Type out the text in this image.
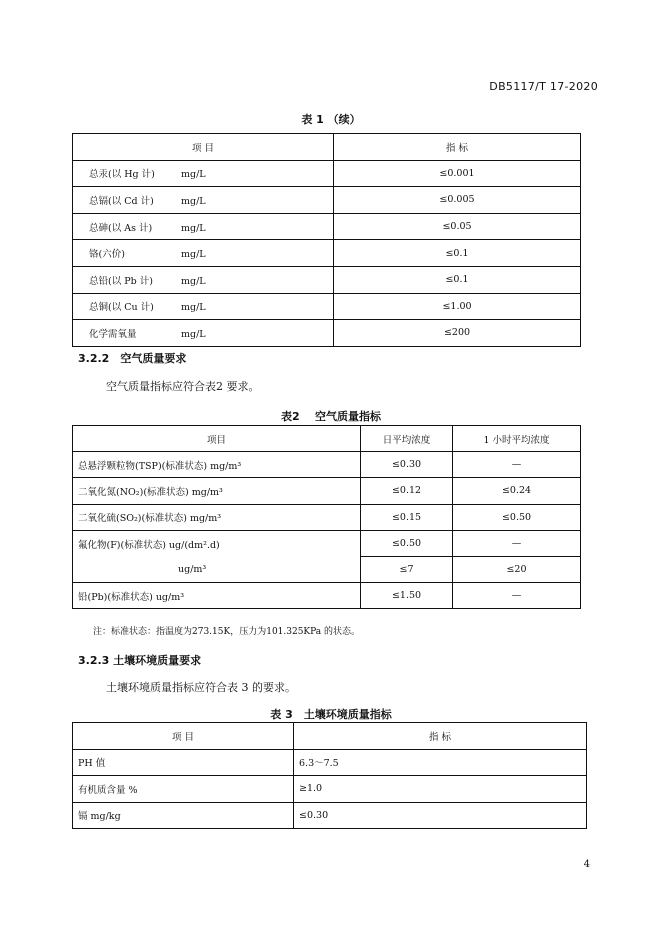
DB5117/T 17-2020
表 1 （续）
项 目	指 标
总汞(以 Hg 计) mg/L	≤0.001
总镉(以 Cd 计) mg/L	≤0.005
总砷(以 As 计) mg/L	≤0.05
铬(六价) mg/L	≤0.1
总铅(以 Pb 计) mg/L	≤0.1
总铜(以 Cu 计) mg/L	≤1.00
化学需氧量 mg/L	≤200
3.2.2　空气质量要求
空气质量指标应符合表2 要求。
表2 空气质量指标
项目	日平均浓度	1 小时平均浓度
总悬浮颗粒物(TSP)(标准状态) mg/m³	≤0.30	—
二氧化氮(NO₂)(标准状态) mg/m³	≤0.12	≤0.24
二氧化硫(SO₂)(标准状态) mg/m³	≤0.15	≤0.50
氟化物(F)(标准状态) ug/(dm².d)	≤0.50	—
ug/m³	≤7	≤20
铅(Pb)(标准状态) ug/m³	≤1.50	—
注：标准状态：指温度为273.15K，压力为101.325KPa 的状态。
3.2.3 土壤环境质量要求
土壤环境质量指标应符合表 3 的要求。
表 3　土壤环境质量指标
项 目	指 标
PH 值	6.3～7.5
有机质含量 %	≥1.0
镉 mg/kg	≤0.30
4
